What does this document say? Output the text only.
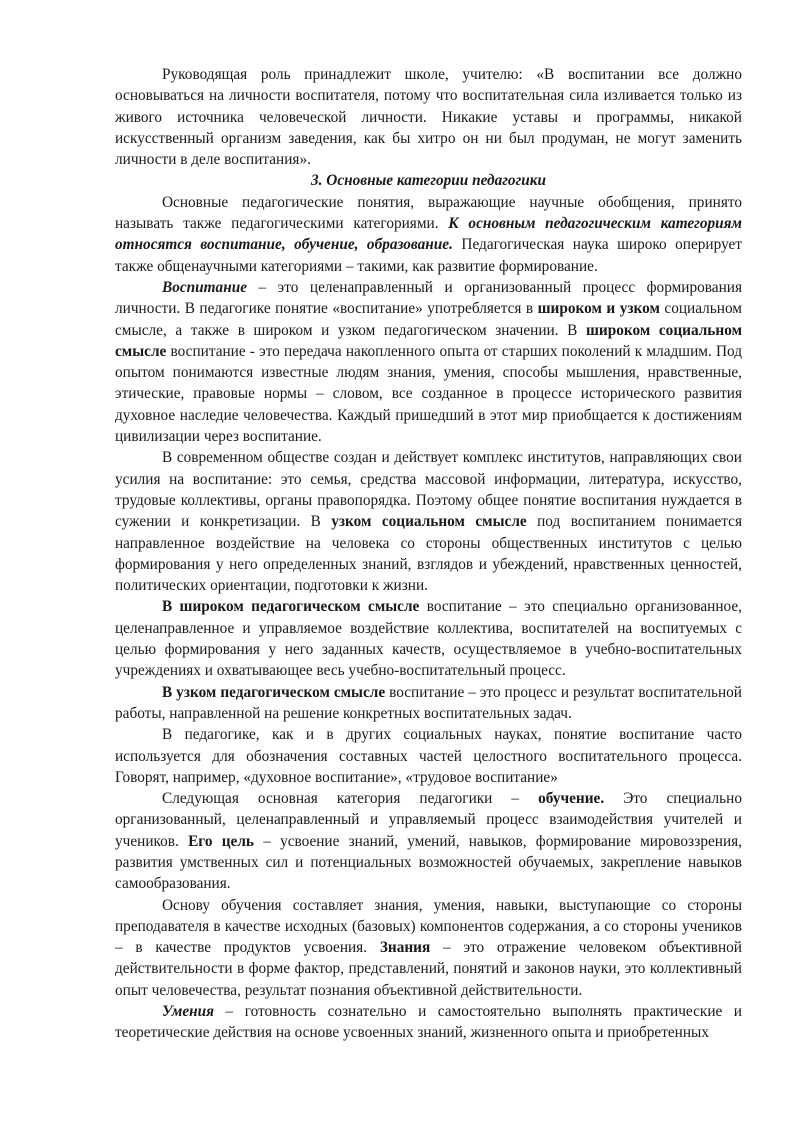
Руководящая роль принадлежит школе, учителю: «В воспитании все должно основываться на личности воспитателя, потому что воспитательная сила изливается только из живого источника человеческой личности. Никакие уставы и программы, никакой искусственный организм заведения, как бы хитро он ни был продуман, не могут заменить личности в деле воспитания».

3. Основные категории педагогики

Основные педагогические понятия, выражающие научные обобщения, принято называть также педагогическими категориями. К основным педагогическим категориям относятся воспитание, обучение, образование. Педагогическая наука широко оперирует также общенаучными категориями – такими, как развитие формирование.

Воспитание – это целенаправленный и организованный процесс формирования личности. В педагогике понятие «воспитание» употребляется в широком и узком социальном смысле, а также в широком и узком педагогическом значении. В широком социальном смысле воспитание - это передача накопленного опыта от старших поколений к младшим. Под опытом понимаются известные людям знания, умения, способы мышления, нравственные, этические, правовые нормы – словом, все созданное в процессе исторического развития духовное наследие человечества. Каждый пришедший в этот мир приобщается к достижениям цивилизации через воспитание.

В современном обществе создан и действует комплекс институтов, направляющих свои усилия на воспитание: это семья, средства массовой информации, литература, искусство, трудовые коллективы, органы правопорядка. Поэтому общее понятие воспитания нуждается в сужении и конкретизации. В узком социальном смысле под воспитанием понимается направленное воздействие на человека со стороны общественных институтов с целью формирования у него определенных знаний, взглядов и убеждений, нравственных ценностей, политических ориентации, подготовки к жизни.

В широком педагогическом смысле воспитание – это специально организованное, целенаправленное и управляемое воздействие коллектива, воспитателей на воспитуемых с целью формирования у него заданных качеств, осуществляемое в учебно-воспитательных учреждениях и охватывающее весь учебно-воспитательный процесс.

В узком педагогическом смысле воспитание – это процесс и результат воспитательной работы, направленной на решение конкретных воспитательных задач.

В педагогике, как и в других социальных науках, понятие воспитание часто используется для обозначения составных частей целостного воспитательного процесса. Говорят, например, «духовное воспитание», «трудовое воспитание»

Следующая основная категория педагогики – обучение. Это специально организованный, целенаправленный и управляемый процесс взаимодействия учителей и учеников. Его цель – усвоение знаний, умений, навыков, формирование мировоззрения, развития умственных сил и потенциальных возможностей обучаемых, закрепление навыков самообразования.

Основу обучения составляет знания, умения, навыки, выступающие со стороны преподавателя в качестве исходных (базовых) компонентов содержания, а со стороны учеников – в качестве продуктов усвоения. Знания – это отражение человеком объективной действительности в форме фактор, представлений, понятий и законов науки, это коллективный опыт человечества, результат познания объективной действительности.

Умения – готовность сознательно и самостоятельно выполнять практические и теоретические действия на основе усвоенных знаний, жизненного опыта и приобретенных
